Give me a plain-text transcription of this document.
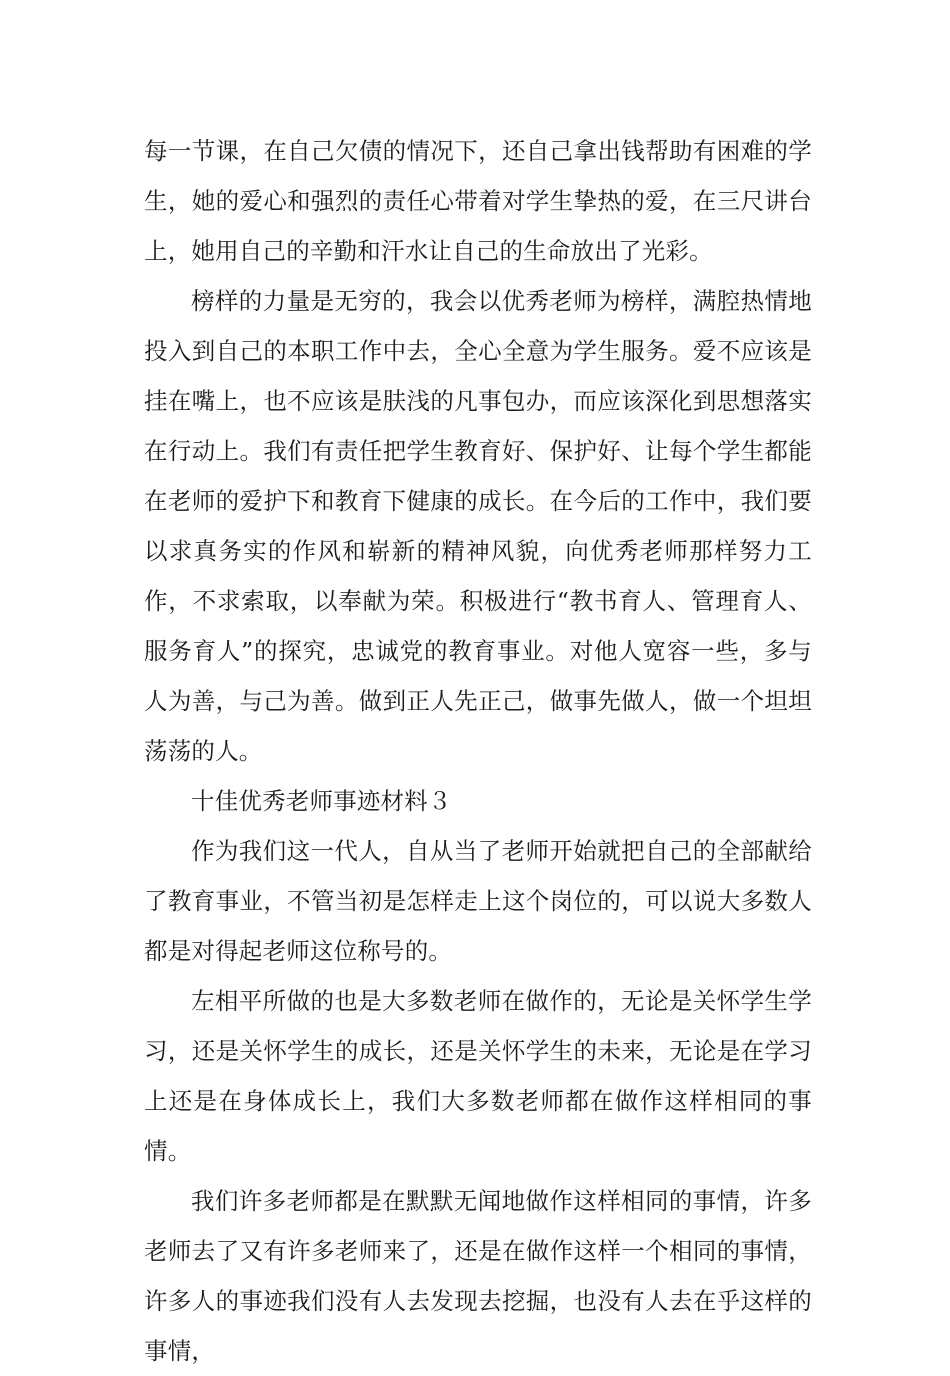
每一节课，在自己欠债的情况下，还自己拿出钱帮助有困难的学生，她的爱心和强烈的责任心带着对学生挚热的爱，在三尺讲台上，她用自己的辛勤和汗水让自己的生命放出了光彩。

榜样的力量是无穷的，我会以优秀老师为榜样，满腔热情地投入到自己的本职工作中去，全心全意为学生服务。爱不应该是挂在嘴上，也不应该是肤浅的凡事包办，而应该深化到思想落实在行动上。我们有责任把学生教育好、保护好、让每个学生都能在老师的爱护下和教育下健康的成长。在今后的工作中，我们要以求真务实的作风和崭新的精神风貌，向优秀老师那样努力工作，不求索取，以奉献为荣。积极进行“教书育人、管理育人、服务育人”的探究，忠诚党的教育事业。对他人宽容一些，多与人为善，与己为善。做到正人先正己，做事先做人，做一个坦坦荡荡的人。

十佳优秀老师事迹材料３

作为我们这一代人，自从当了老师开始就把自己的全部献给了教育事业，不管当初是怎样走上这个岗位的，可以说大多数人都是对得起老师这位称号的。

左相平所做的也是大多数老师在做作的，无论是关怀学生学习，还是关怀学生的成长，还是关怀学生的未来，无论是在学习上还是在身体成长上，我们大多数老师都在做作这样相同的事情。

我们许多老师都是在默默无闻地做作这样相同的事情，许多老师去了又有许多老师来了，还是在做作这样一个相同的事情，许多人的事迹我们没有人去发现去挖掘，也没有人去在乎这样的事情，
